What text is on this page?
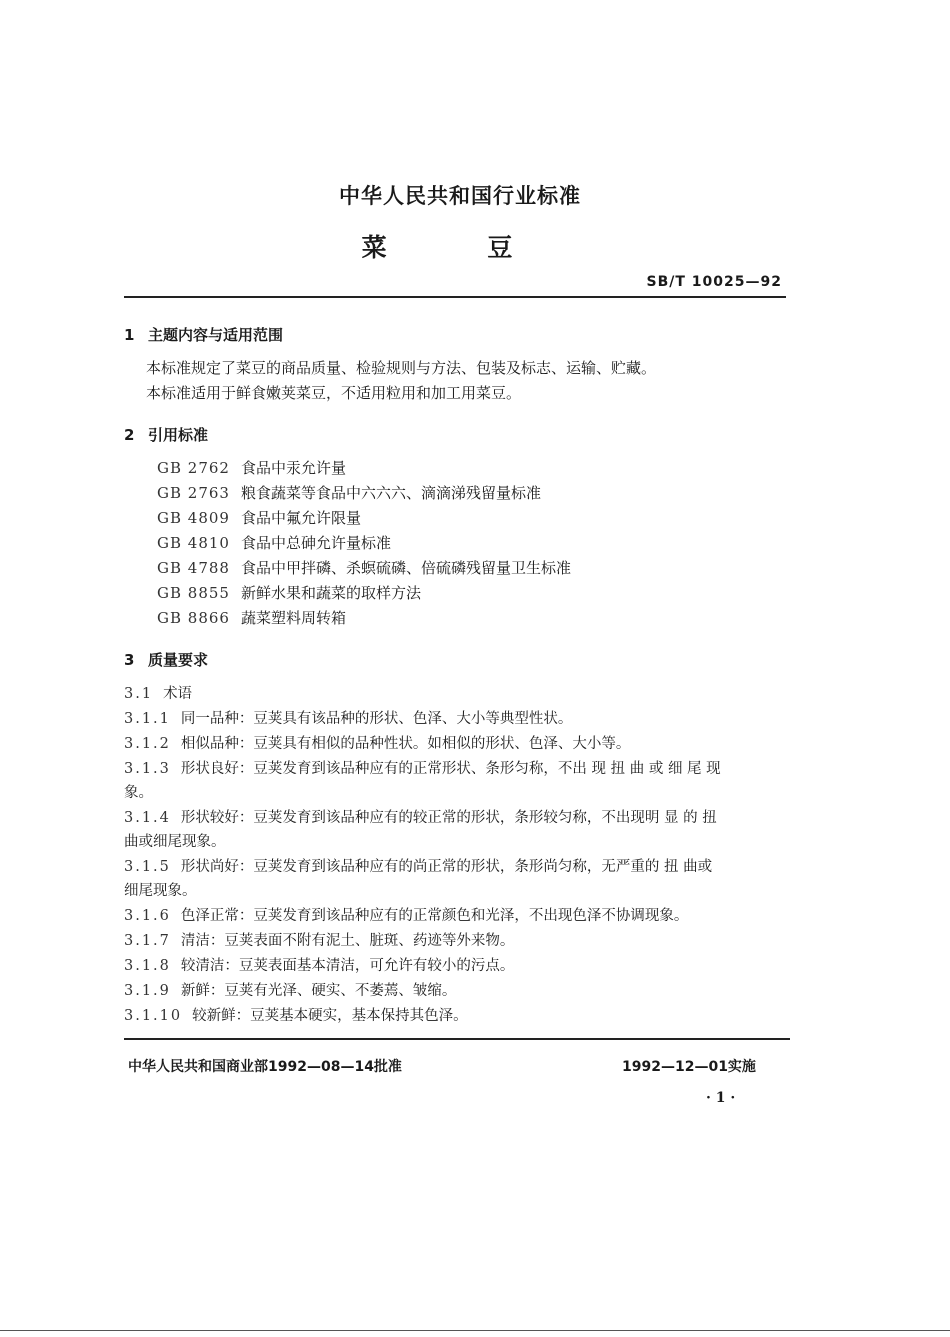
中华人民共和国行业标准
菜 豆
SB/T 10025—92
1 主题内容与适用范围
本标准规定了菜豆的商品质量、检验规则与方法、包装及标志、运输、贮藏。
本标准适用于鲜食嫩荚菜豆，不适用粒用和加工用菜豆。
2 引用标准
GB 2762 食品中汞允许量
GB 2763 粮食蔬菜等食品中六六六、滴滴涕残留量标准
GB 4809 食品中氟允许限量
GB 4810 食品中总砷允许量标准
GB 4788 食品中甲拌磷、杀螟硫磷、倍硫磷残留量卫生标准
GB 8855 新鲜水果和蔬菜的取样方法
GB 8866 蔬菜塑料周转箱
3 质量要求
3.1 术语
3.1.1 同一品种：豆荚具有该品种的形状、色泽、大小等典型性状。
3.1.2 相似品种：豆荚具有相似的品种性状。如相似的形状、色泽、大小等。
3.1.3 形状良好：豆荚发育到该品种应有的正常形状、条形匀称，不出 现 扭 曲 或 细 尾 现
象。
3.1.4 形状较好：豆荚发育到该品种应有的较正常的形状，条形较匀称，不出现明 显 的 扭
曲或细尾现象。
3.1.5 形状尚好：豆荚发育到该品种应有的尚正常的形状，条形尚匀称，无严重的 扭 曲或
细尾现象。
3.1.6 色泽正常：豆荚发育到该品种应有的正常颜色和光泽，不出现色泽不协调现象。
3.1.7 清洁：豆荚表面不附有泥土、脏斑、药迹等外来物。
3.1.8 较清洁：豆荚表面基本清洁，可允许有较小的污点。
3.1.9 新鲜：豆荚有光泽、硬实、不萎蔫、皱缩。
3.1.10 较新鲜：豆荚基本硬实，基本保持其色泽。
中华人民共和国商业部1992—08—14批准	1992—12—01实施
· 1 ·
